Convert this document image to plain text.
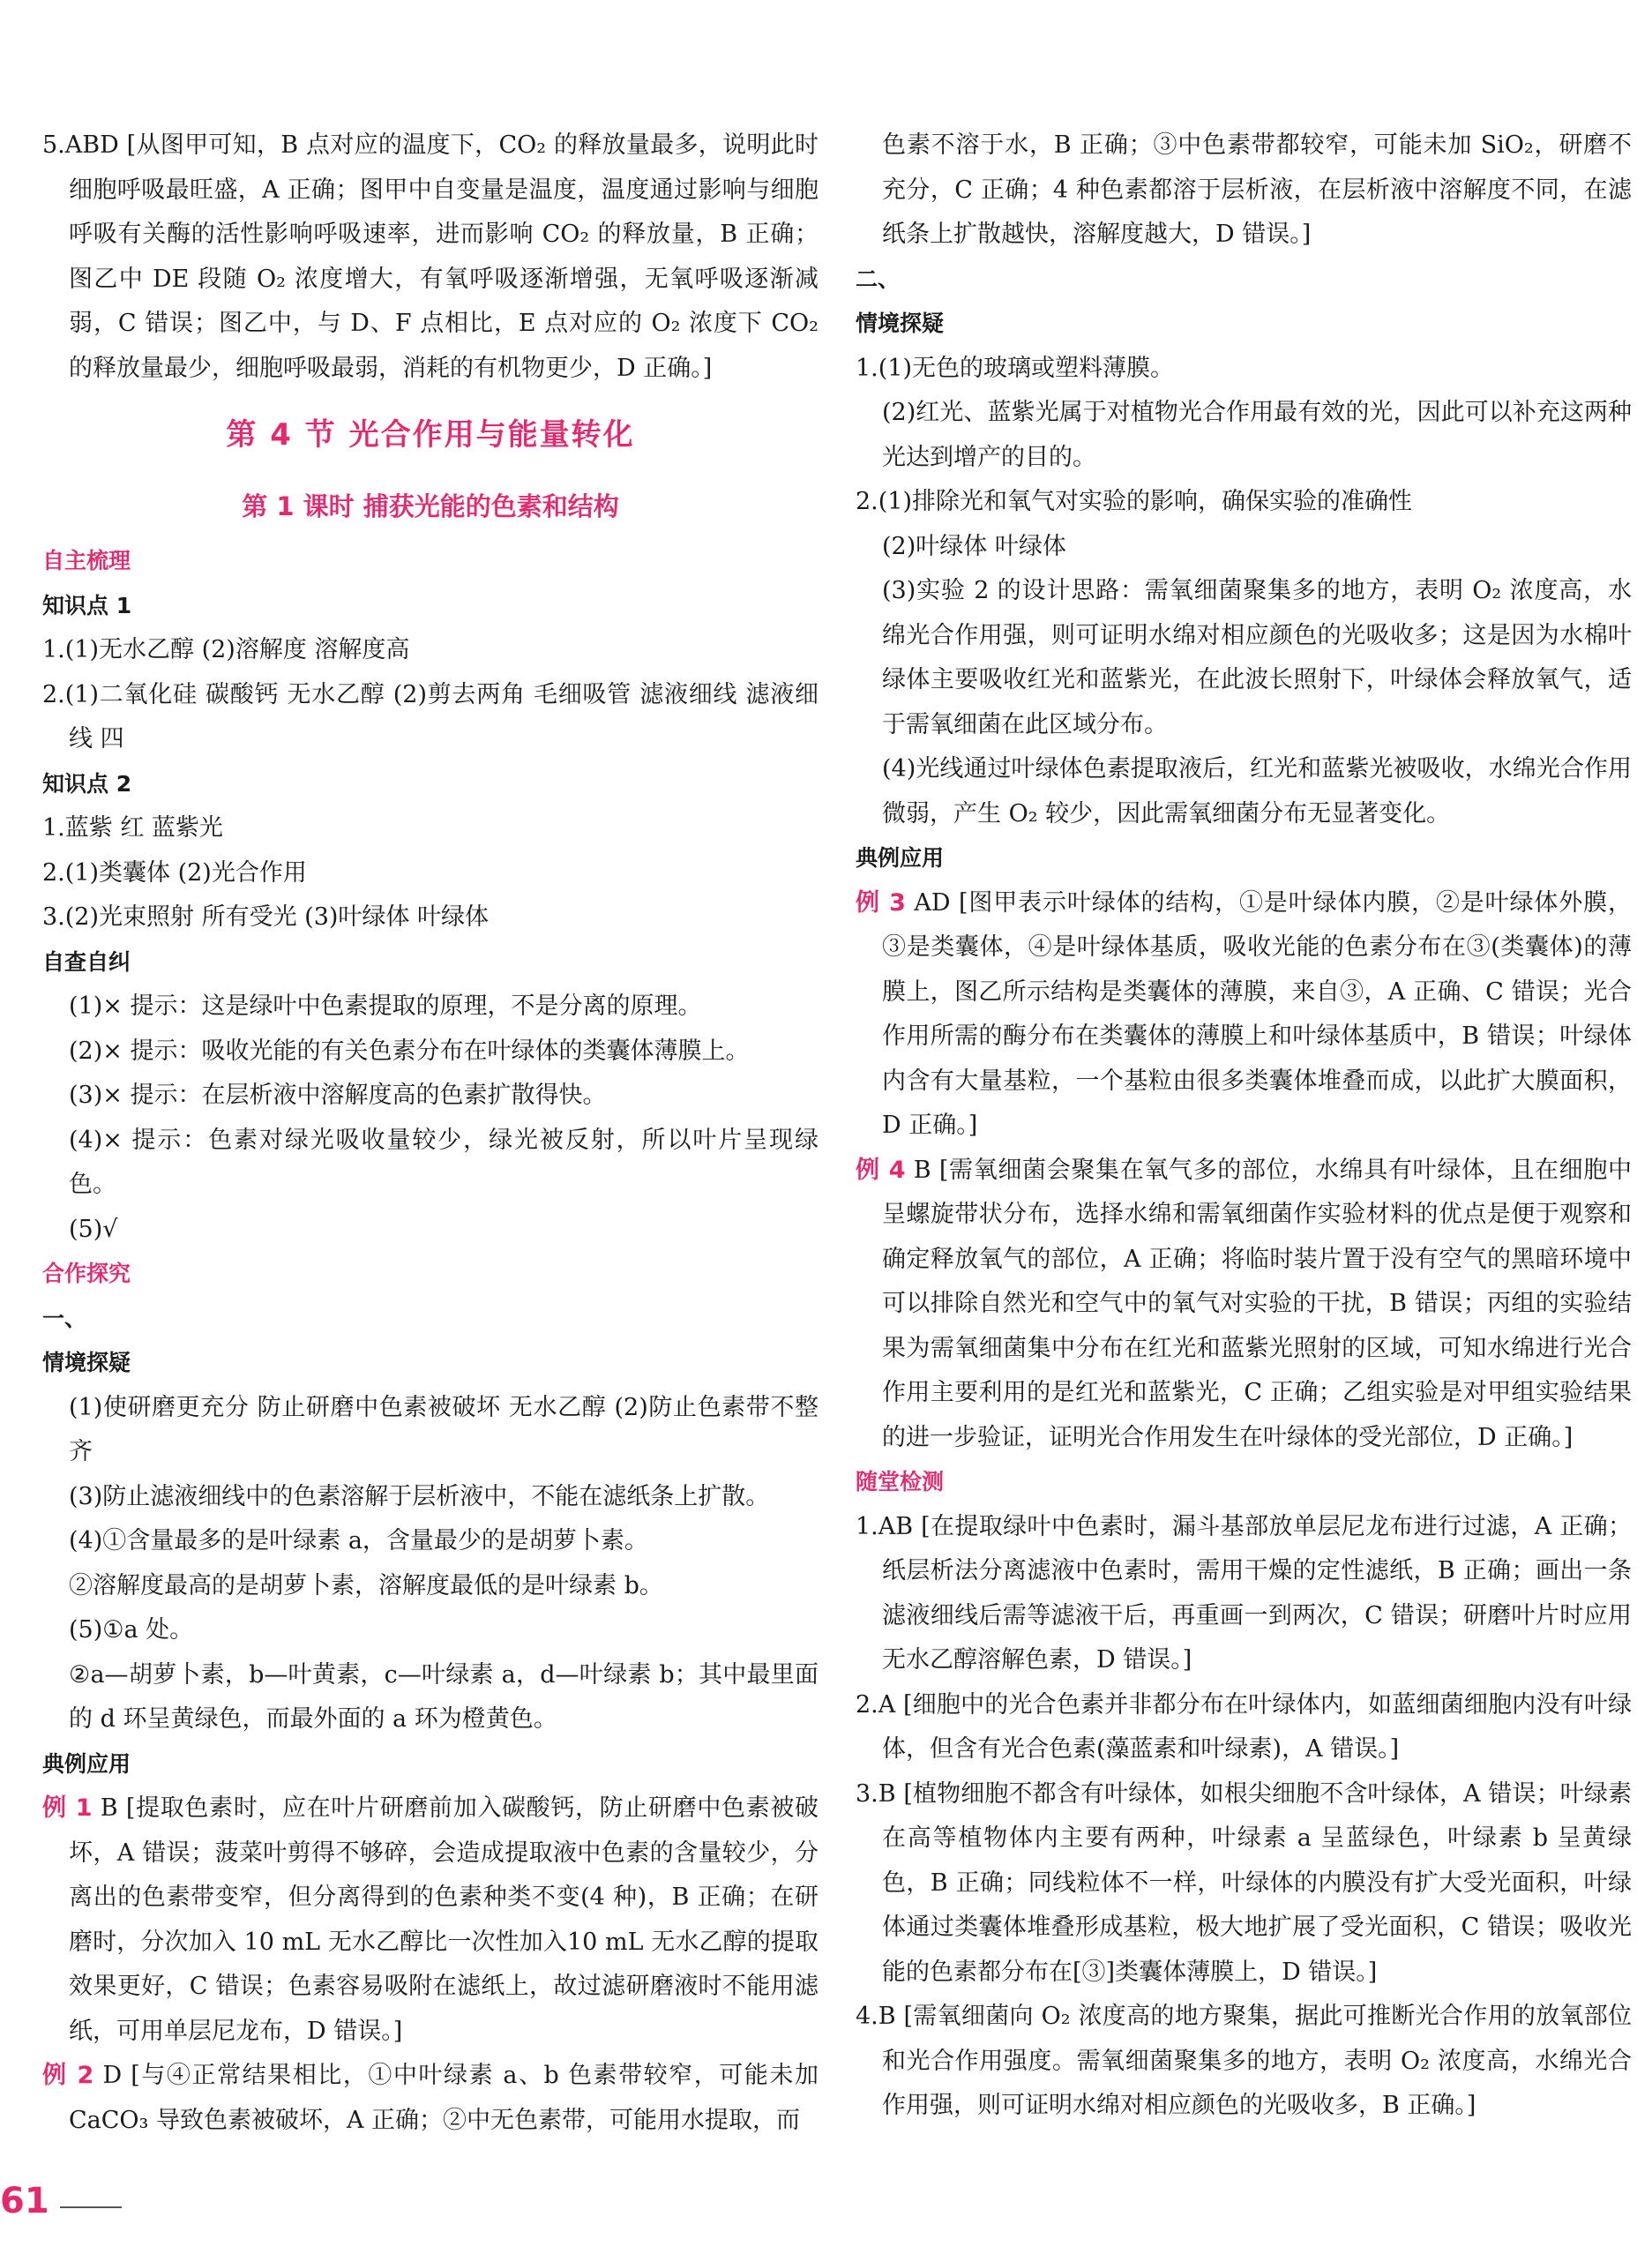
5.ABD [从图甲可知，B 点对应的温度下，CO₂ 的释放量最多，说明此时细胞呼吸最旺盛，A 正确；图甲中自变量是温度，温度通过影响与细胞呼吸有关酶的活性影响呼吸速率，进而影响 CO₂ 的释放量，B 正确；图乙中 DE 段随 O₂ 浓度增大，有氧呼吸逐渐增强，无氧呼吸逐渐减弱，C 错误；图乙中，与 D、F 点相比，E 点对应的 O₂ 浓度下 CO₂ 的释放量最少，细胞呼吸最弱，消耗的有机物更少，D 正确。]

第 4 节 光合作用与能量转化

第 1 课时 捕获光能的色素和结构

自主梳理

知识点 1

1.(1)无水乙醇 (2)溶解度 溶解度高

2.(1)二氧化硅 碳酸钙 无水乙醇 (2)剪去两角 毛细吸管 滤液细线 滤液细线 四

知识点 2

1.蓝紫 红 蓝紫光

2.(1)类囊体 (2)光合作用

3.(2)光束照射 所有受光 (3)叶绿体 叶绿体

自查自纠

(1)× 提示：这是绿叶中色素提取的原理，不是分离的原理。

(2)× 提示：吸收光能的有关色素分布在叶绿体的类囊体薄膜上。

(3)× 提示：在层析液中溶解度高的色素扩散得快。

(4)× 提示：色素对绿光吸收量较少，绿光被反射，所以叶片呈现绿色。

(5)√

合作探究

一、

情境探疑

(1)使研磨更充分 防止研磨中色素被破坏 无水乙醇 (2)防止色素带不整齐

(3)防止滤液细线中的色素溶解于层析液中，不能在滤纸条上扩散。

(4)①含量最多的是叶绿素 a，含量最少的是胡萝卜素。

②溶解度最高的是胡萝卜素，溶解度最低的是叶绿素 b。

(5)①a 处。

②a—胡萝卜素，b—叶黄素，c—叶绿素 a，d—叶绿素 b；其中最里面的 d 环呈黄绿色，而最外面的 a 环为橙黄色。

典例应用

例 1 B [提取色素时，应在叶片研磨前加入碳酸钙，防止研磨中色素被破坏，A 错误；菠菜叶剪得不够碎，会造成提取液中色素的含量较少，分离出的色素带变窄，但分离得到的色素种类不变(4 种)，B 正确；在研磨时，分次加入 10 mL 无水乙醇比一次性加入10 mL 无水乙醇的提取效果更好，C 错误；色素容易吸附在滤纸上，故过滤研磨液时不能用滤纸，可用单层尼龙布，D 错误。]

例 2 D [与④正常结果相比，①中叶绿素 a、b 色素带较窄，可能未加 CaCO₃ 导致色素被破坏，A 正确；②中无色素带，可能用水提取，而

色素不溶于水，B 正确；③中色素带都较窄，可能未加 SiO₂，研磨不充分，C 正确；4 种色素都溶于层析液，在层析液中溶解度不同，在滤纸条上扩散越快，溶解度越大，D 错误。]

二、

情境探疑

1.(1)无色的玻璃或塑料薄膜。

(2)红光、蓝紫光属于对植物光合作用最有效的光，因此可以补充这两种光达到增产的目的。

2.(1)排除光和氧气对实验的影响，确保实验的准确性

(2)叶绿体 叶绿体

(3)实验 2 的设计思路：需氧细菌聚集多的地方，表明 O₂ 浓度高，水绵光合作用强，则可证明水绵对相应颜色的光吸收多；这是因为水棉叶绿体主要吸收红光和蓝紫光，在此波长照射下，叶绿体会释放氧气，适于需氧细菌在此区域分布。

(4)光线通过叶绿体色素提取液后，红光和蓝紫光被吸收，水绵光合作用微弱，产生 O₂ 较少，因此需氧细菌分布无显著变化。

典例应用

例 3 AD [图甲表示叶绿体的结构，①是叶绿体内膜，②是叶绿体外膜，③是类囊体，④是叶绿体基质，吸收光能的色素分布在③(类囊体)的薄膜上，图乙所示结构是类囊体的薄膜，来自③，A 正确、C 错误；光合作用所需的酶分布在类囊体的薄膜上和叶绿体基质中，B 错误；叶绿体内含有大量基粒，一个基粒由很多类囊体堆叠而成，以此扩大膜面积，D 正确。]

例 4 B [需氧细菌会聚集在氧气多的部位，水绵具有叶绿体，且在细胞中呈螺旋带状分布，选择水绵和需氧细菌作实验材料的优点是便于观察和确定释放氧气的部位，A 正确；将临时装片置于没有空气的黑暗环境中可以排除自然光和空气中的氧气对实验的干扰，B 错误；丙组的实验结果为需氧细菌集中分布在红光和蓝紫光照射的区域，可知水绵进行光合作用主要利用的是红光和蓝紫光，C 正确；乙组实验是对甲组实验结果的进一步验证，证明光合作用发生在叶绿体的受光部位，D 正确。]

随堂检测

1.AB [在提取绿叶中色素时，漏斗基部放单层尼龙布进行过滤，A 正确；纸层析法分离滤液中色素时，需用干燥的定性滤纸，B 正确；画出一条滤液细线后需等滤液干后，再重画一到两次，C 错误；研磨叶片时应用无水乙醇溶解色素，D 错误。]

2.A [细胞中的光合色素并非都分布在叶绿体内，如蓝细菌细胞内没有叶绿体，但含有光合色素(藻蓝素和叶绿素)，A 错误。]

3.B [植物细胞不都含有叶绿体，如根尖细胞不含叶绿体，A 错误；叶绿素在高等植物体内主要有两种，叶绿素 a 呈蓝绿色，叶绿素 b 呈黄绿色，B 正确；同线粒体不一样，叶绿体的内膜没有扩大受光面积，叶绿体通过类囊体堆叠形成基粒，极大地扩展了受光面积，C 错误；吸收光能的色素都分布在[③]类囊体薄膜上，D 错误。]

4.B [需氧细菌向 O₂ 浓度高的地方聚集，据此可推断光合作用的放氧部位和光合作用强度。需氧细菌聚集多的地方，表明 O₂ 浓度高，水绵光合作用强，则可证明水绵对相应颜色的光吸收多，B 正确。]

61
